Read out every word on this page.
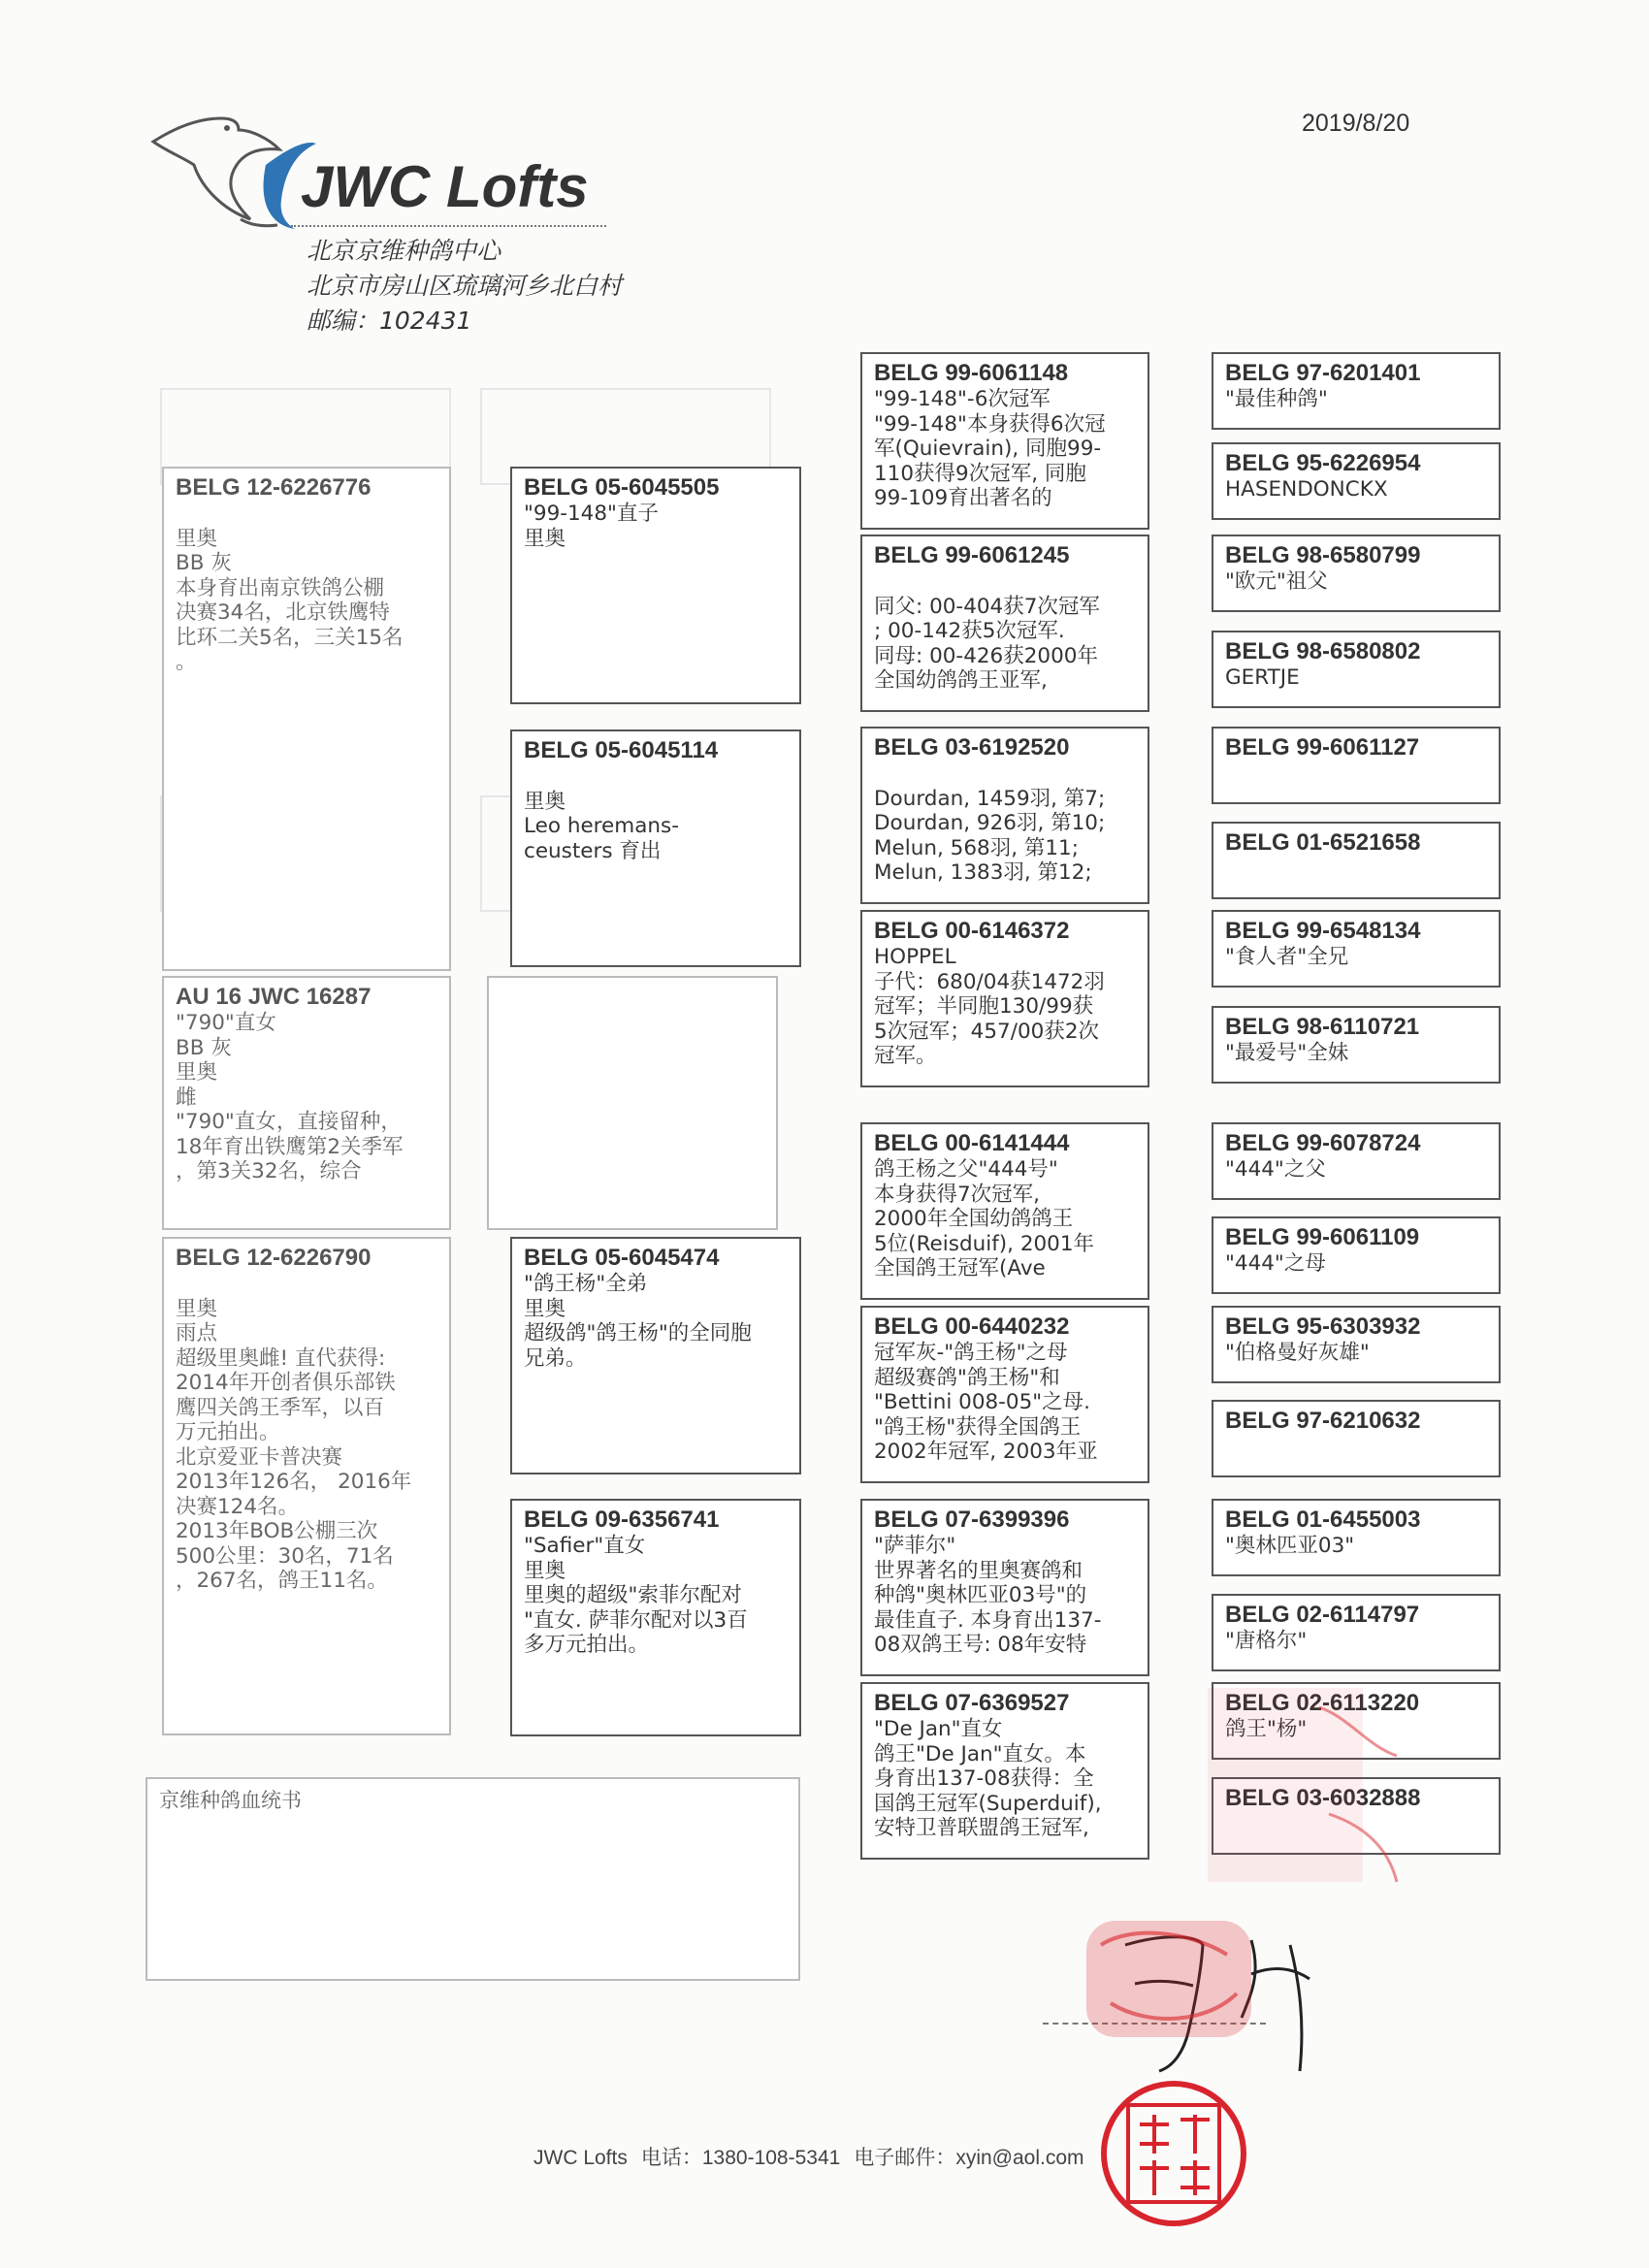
2019/8/20
JWC Lofts
北京京维种鸽中心
北京市房山区琉璃河乡北白村
邮编：102431
BELG 12-6226776

里奥
BB 灰
本身育出南京铁鸽公棚
决赛34名，北京铁鹰特
比环二关5名，三关15名
。
AU 16 JWC 16287
"790"直女
BB 灰
里奥
雌
"790"直女，直接留种，
18年育出铁鹰第2关季军
，第3关32名，综合
BELG 12-6226790

里奥
雨点
超级里奥雌! 直代获得:
2014年开创者俱乐部铁
鹰四关鸽王季军，以百
万元拍出。
北京爱亚卡普决赛
2013年126名， 2016年
决赛124名。
2013年BOB公棚三次
500公里：30名，71名
，267名，鸽王11名。
BELG 05-6045505
"99-148"直子
里奥
BELG 05-6045114

里奥
Leo heremans-
ceusters 育出
BELG 05-6045474
"鸽王杨"全弟
里奥
超级鸽"鸽王杨"的全同胞
兄弟。
BELG 09-6356741
"Safier"直女
里奥
里奥的超级"索菲尔配对
"直女. 萨菲尔配对以3百
多万元拍出。
BELG 99-6061148
"99-148"-6次冠军
"99-148"本身获得6次冠
军(Quievrain), 同胞99-
110获得9次冠军, 同胞
99-109育出著名的
BELG 99-6061245

同父: 00-404获7次冠军
; 00-142获5次冠军.
同母: 00-426获2000年
全国幼鸽鸽王亚军,
BELG 03-6192520

Dourdan, 1459羽, 第7;
Dourdan, 926羽, 第10;
Melun, 568羽, 第11;
Melun, 1383羽, 第12;
BELG 00-6146372
HOPPEL
子代：680/04获1472羽
冠军；半同胞130/99获
5次冠军；457/00获2次
冠军。
BELG 00-6141444
鸽王杨之父"444号"
本身获得7次冠军,
2000年全国幼鸽鸽王
5位(Reisduif), 2001年
全国鸽王冠军(Ave
BELG 00-6440232
冠军灰-"鸽王杨"之母
超级赛鸽"鸽王杨"和
"Bettini 008-05"之母.
"鸽王杨"获得全国鸽王
2002年冠军, 2003年亚
BELG 07-6399396
"萨菲尔"
世界著名的里奥赛鸽和
种鸽"奥林匹亚03号"的
最佳直子. 本身育出137-
08双鸽王号: 08年安特
BELG 07-6369527
"De Jan"直女
鸽王"De Jan"直女。本
身育出137-08获得：全
国鸽王冠军(Superduif),
安特卫普联盟鸽王冠军,
BELG 97-6201401
"最佳种鸽"
BELG 95-6226954
HASENDONCKX
BELG 98-6580799
"欧元"祖父
BELG 98-6580802
GERTJE
BELG 99-6061127
BELG 01-6521658
BELG 99-6548134
"食人者"全兄
BELG 98-6110721
"最爱号"全妹
BELG 99-6078724
"444"之父
BELG 99-6061109
"444"之母
BELG 95-6303932
"伯格曼好灰雄"
BELG 97-6210632
BELG 01-6455003
"奥林匹亚03"
BELG 02-6114797
"唐格尔"
BELG 02-6113220
鸽王"杨"
BELG 03-6032888
京维种鸽血统书
JWC Lofts 电话：1380-108-5341 电子邮件：xyin@aol.com
